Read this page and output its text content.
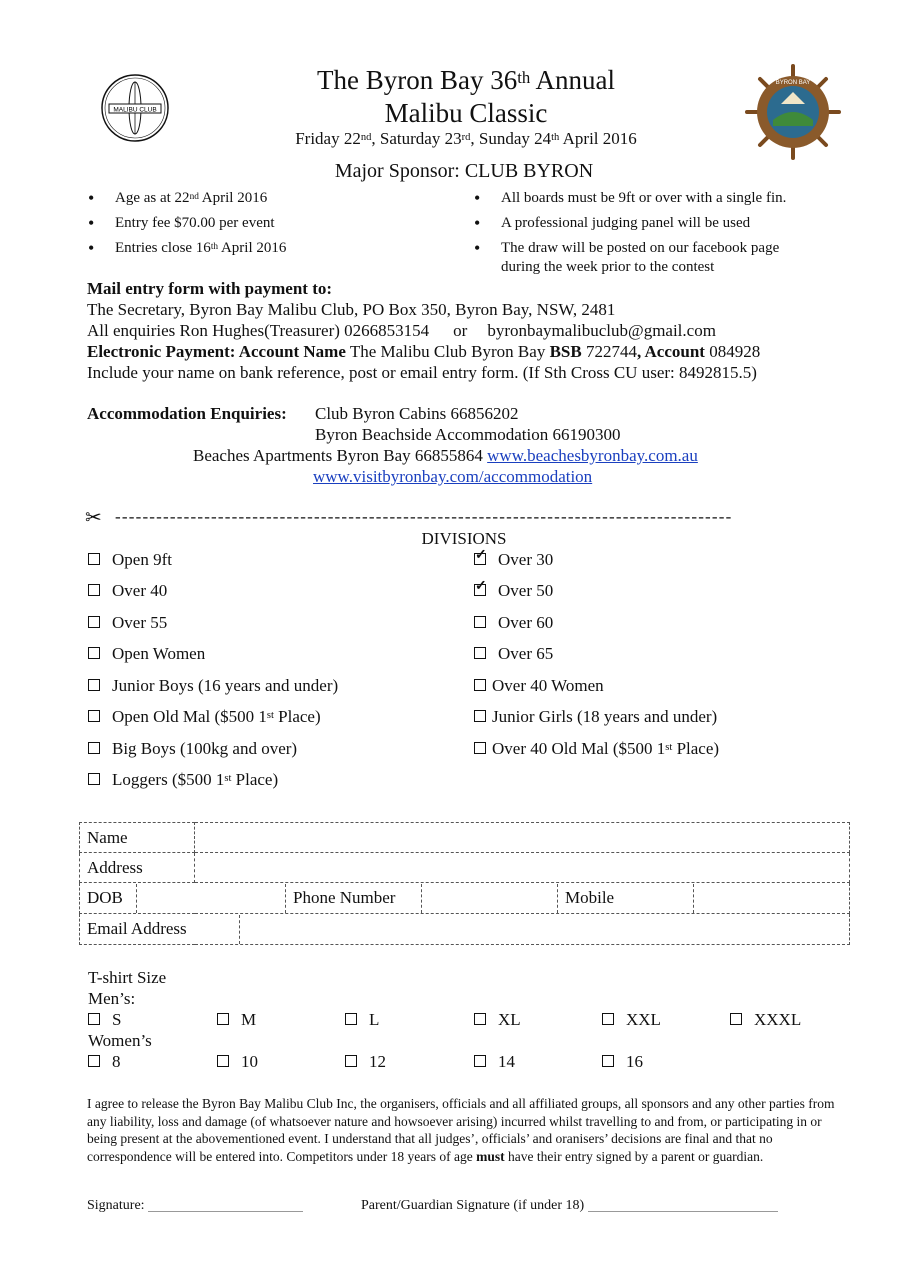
MALIBU CLUB
BYRON BAY
The Byron Bay 36th Annual
Malibu Classic
Friday 22nd, Saturday 23rd, Sunday 24th April 2016
Major Sponsor: CLUB BYRON
• Age as at 22nd April 2016
• Entry fee $70.00 per event
• Entries close 16th April 2016
• All boards must be 9ft or over with a single fin.
• A professional judging panel will be used
• The draw will be posted on our facebook page
during the week prior to the contest
Mail entry form with payment to:
The Secretary, Byron Bay Malibu Club, PO Box 350, Byron Bay, NSW, 2481
All enquiries Ron Hughes(Treasurer) 0266853154 or byronbaymalibuclub@gmail.com
Electronic Payment: Account Name The Malibu Club Byron Bay BSB 722744, Account 084928
Include your name on bank reference, post or email entry form. (If Sth Cross CU user: 8492815.5)
Accommodation Enquiries: Club Byron Cabins 66856202
Byron Beachside Accommodation 66190300
Beaches Apartments Byron Bay 66855864 www.beachesbyronbay.com.au
www.visitbyronbay.com/accommodation
✂ ------------------------------------------------------------------------------------------
DIVISIONS
Open 9ft
Over 40
Over 55
Open Women
Junior Boys (16 years and under)
Open Old Mal ($500 1st Place)
Big Boys (100kg and over)
Loggers ($500 1st Place)
✓Over 30
✓Over 50
Over 60
Over 65
Over 40 Women
Junior Girls (18 years and under)
Over 40 Old Mal ($500 1st Place)
Name	
Address	

DOB		Phone Number		Mobile	

Email Address	
T-shirt Size
Men’s:
S	M	L	XL	XXL	XXXL
Women’s
8	10	12	14	16
I agree to release the Byron Bay Malibu Club Inc, the organisers, officials and all affiliated groups, all sponsors and any other parties from any liability, loss and damage (of whatsoever nature and howsoever arising) incurred whilst travelling to and from, or participating in or being present at the abovementioned event. I understand that all judges’, officials’ and oranisers’ decisions are final and that no correspondence will be entered into. Competitors under 18 years of age must have their entry signed by a parent or guardian.
Signature:	Parent/Guardian Signature (if under 18)
